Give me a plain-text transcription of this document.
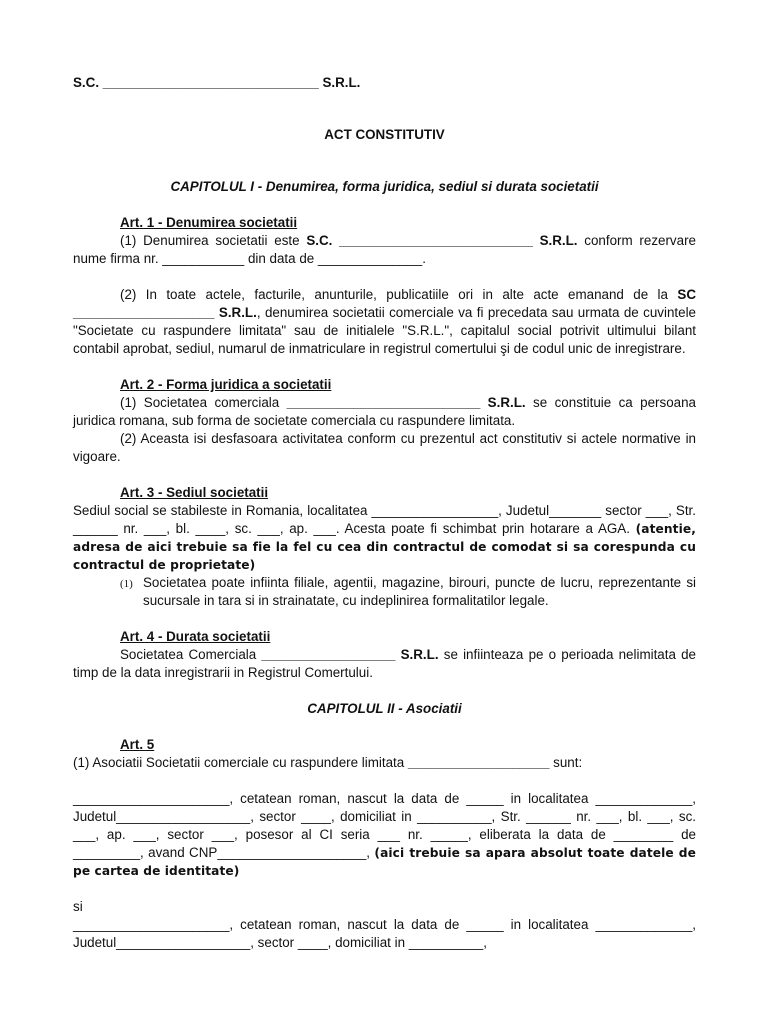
S.C. _____________________________ S.R.L.

ACT CONSTITUTIV

CAPITOLUL I - Denumirea, forma juridica, sediul si durata societatii

Art. 1 - Denumirea societatii

(1) Denumirea societatii este S.C. __________________________ S.R.L. conform rezervare nume firma nr. ___________ din data de ______________.

(2) In toate actele, facturile, anunturile, publicatiile ori in alte acte emanand de la SC ___________________ S.R.L., denumirea societatii comerciale va fi precedata sau urmata de cuvintele "Societate cu raspundere limitata" sau de initialele "S.R.L.", capitalul social potrivit ultimului bilant contabil aprobat, sediul, numarul de inmatriculare in registrul comertului şi de codul unic de inregistrare.

Art. 2 - Forma juridica a societatii

(1) Societatea comerciala __________________________ S.R.L. se constituie ca persoana juridica romana, sub forma de societate comerciala cu raspundere limitata.

(2) Aceasta isi desfasoara activitatea conform cu prezentul act constitutiv si actele normative in vigoare.

Art. 3 - Sediul societatii

Sediul social se stabileste in Romania, localitatea _________________, Judetul_______ sector ___, Str. ______ nr. ___, bl. ____, sc. ___, ap. ___. Acesta poate fi schimbat prin hotarare a AGA. (atentie, adresa de aici trebuie sa fie la fel cu cea din contractul de comodat si sa corespunda cu contractul de proprietate)

(1) Societatea poate infiinta filiale, agentii, magazine, birouri, puncte de lucru, reprezentante si sucursale in tara si in strainatate, cu indeplinirea formalitatilor legale.

Art. 4 - Durata societatii

Societatea Comerciala __________________ S.R.L. se infiinteaza pe o perioada nelimitata de timp de la data inregistrarii in Registrul Comertului.

CAPITOLUL II - Asociatii

Art. 5

(1) Asociatii Societatii comerciale cu raspundere limitata ___________________ sunt:

_____________________, cetatean roman, nascut la data de _____ in localitatea _____________, Judetul__________________, sector ____, domiciliat in __________, Str. ______ nr. ___, bl. ___, sc. ___, ap. ___, sector ___, posesor al CI seria ___ nr. _____, eliberata la data de ________ de _________, avand CNP____________________, (aici trebuie sa apara absolut toate datele de pe cartea de identitate)

si

_____________________, cetatean roman, nascut la data de _____ in localitatea _____________, Judetul__________________, sector ____, domiciliat in __________,
